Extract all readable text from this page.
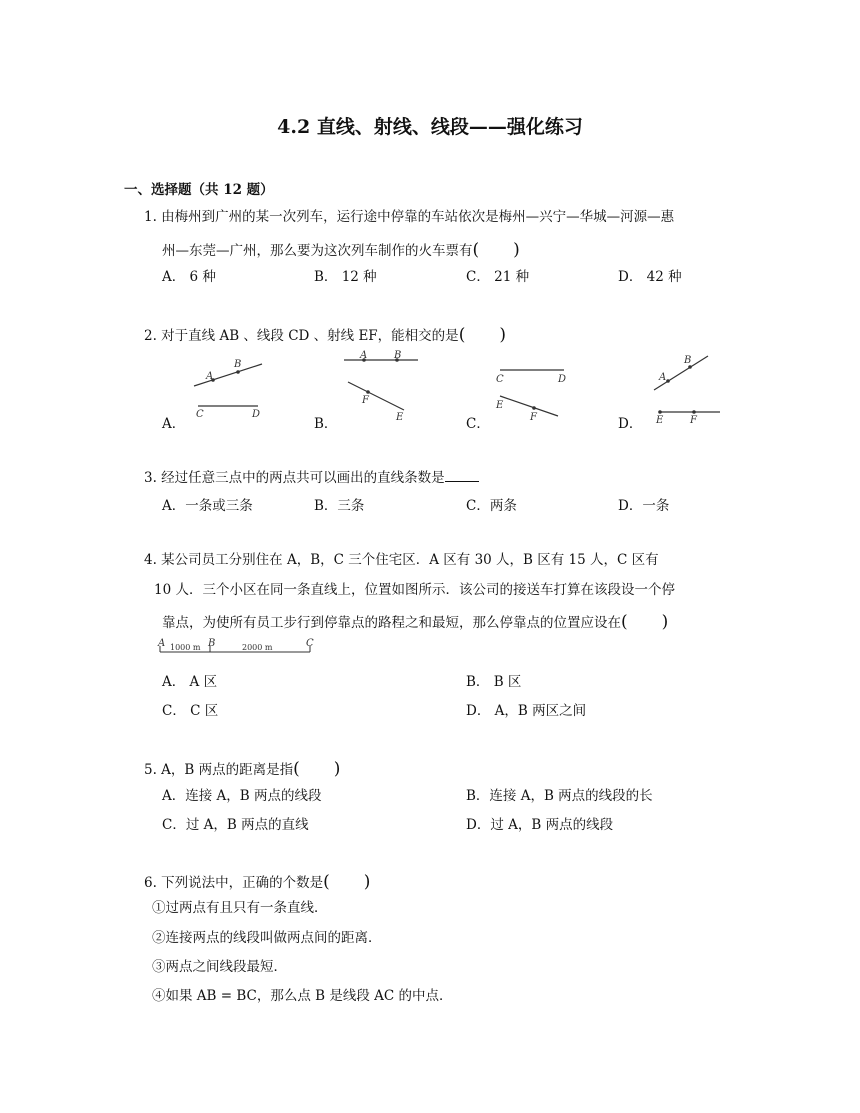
4.2 直线、射线、线段——强化练习
一、选择题（共 12 题）
1. 由梅州到广州的某一次列车，运行途中停靠的车站依次是梅州—兴宁—华城—河源—惠
州—东莞—广州，那么要为这次列车制作的火车票有(　　)
A． 6 种	B． 12 种	C． 21 种	D． 42 种
2. 对于直线 AB 、线段 CD 、射线 EF，能相交的是(　　)
A
B
C	D
A．
A	B
F
E
B．
C	D
E
F
C．
A
B
E	F
D．
3. 经过任意三点中的两点共可以画出的直线条数是
A．一条或三条	B．三条	C．两条	D．一条
4. 某公司员工分别住在 A，B，C 三个住宅区．A 区有 30 人，B 区有 15 人，C 区有
10 人．三个小区在同一条直线上，位置如图所示．该公司的接送车打算在该段设一个停
靠点，为使所有员工步行到停靠点的路程之和最短，那么停靠点的位置应设在(　　)
A	B	C
1000 m	2000 m
A． A 区	B． B 区
C． C 区	D． A，B 两区之间
5. A，B 两点的距离是指(　　)
A．连接 A，B 两点的线段	B．连接 A，B 两点的线段的长
C．过 A，B 两点的直线	D．过 A，B 两点的线段
6. 下列说法中，正确的个数是(　　)
①过两点有且只有一条直线．
②连接两点的线段叫做两点间的距离．
③两点之间线段最短．
④如果 AB = BC，那么点 B 是线段 AC 的中点．
